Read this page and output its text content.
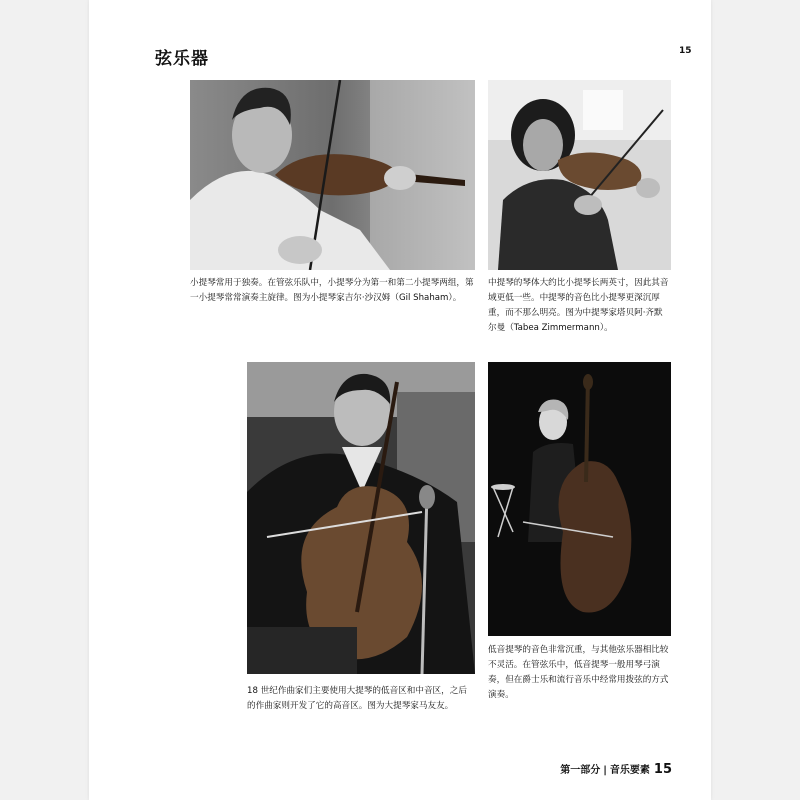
弦乐器	15
小提琴常用于独奏。在管弦乐队中，小提琴分为第一和第二小提琴两组，第一小提琴常常演奏主旋律。图为小提琴家吉尔·沙汉姆（Gil Shaham）。
中提琴的琴体大约比小提琴长两英寸，因此其音域更低一些。中提琴的音色比小提琴更深沉厚重，而不那么明亮。图为中提琴家塔贝阿·齐默尔曼（Tabea Zimmermann）。
18 世纪作曲家们主要使用大提琴的低音区和中音区，之后的作曲家则开发了它的高音区。图为大提琴家马友友。
低音提琴的音色非常沉重，与其他弦乐器相比较不灵活。在管弦乐中，低音提琴一般用琴弓演奏，但在爵士乐和流行音乐中经常用拨弦的方式演奏。
第一部分 | 音乐要素 15
